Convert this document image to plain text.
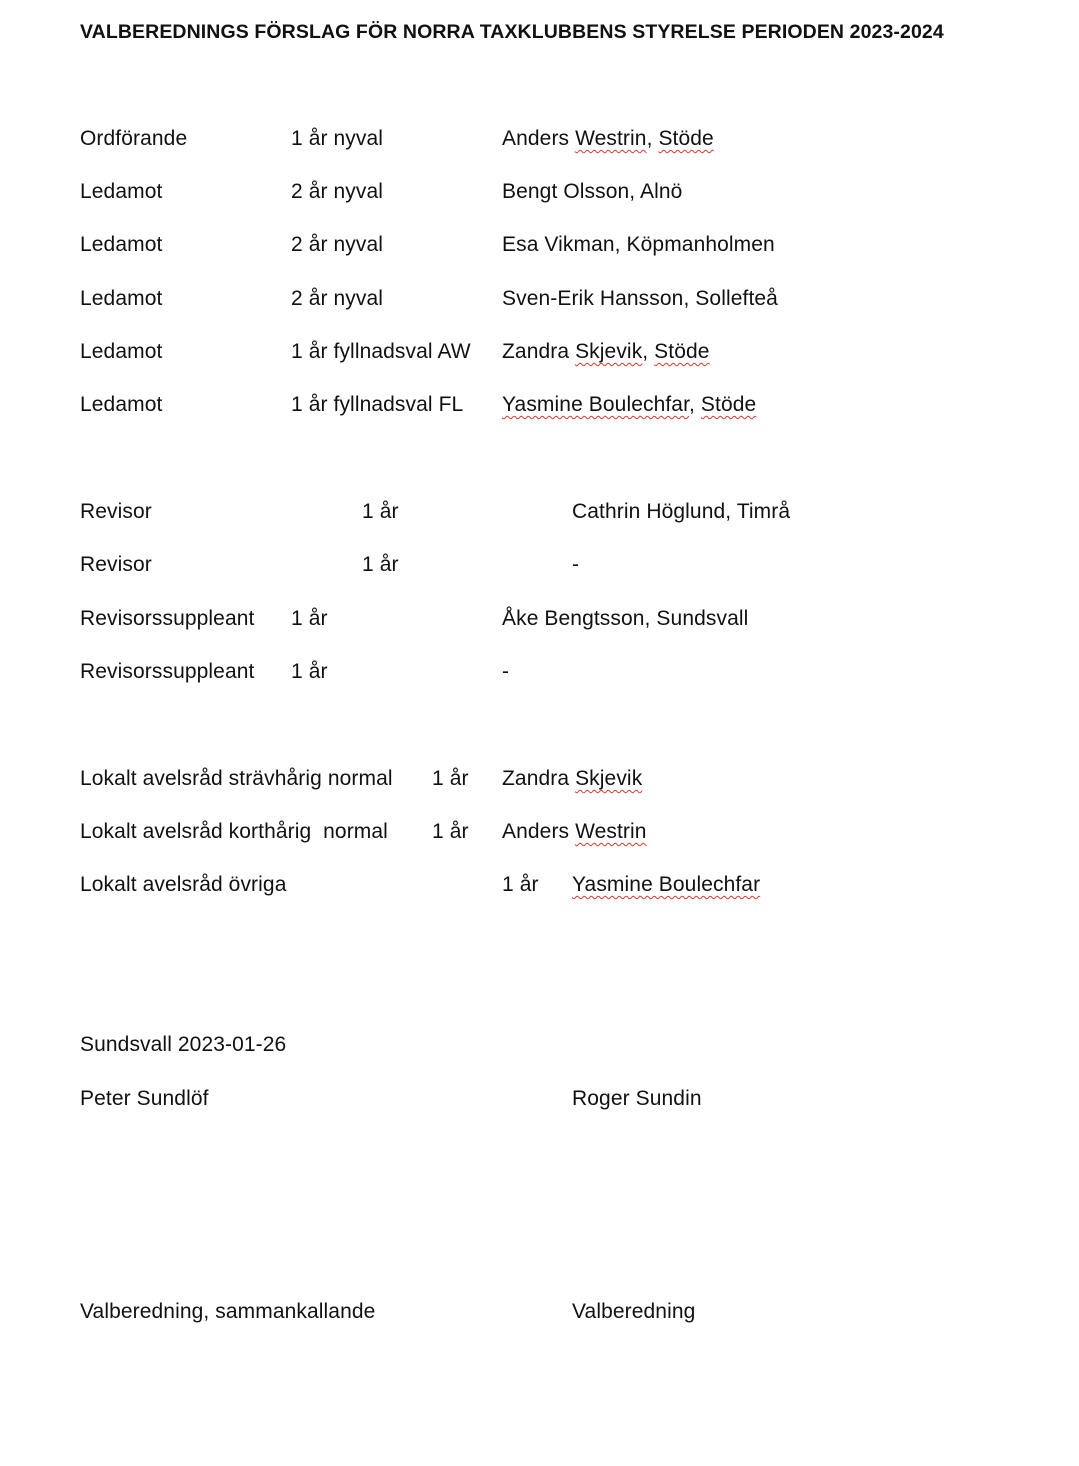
VALBEREDNINGS FÖRSLAG FÖR NORRA TAXKLUBBENS STYRELSE PERIODEN 2023-2024
Ordförande	1 år nyval	Anders Westrin, Stöde
Ledamot	2 år nyval	Bengt Olsson, Alnö
Ledamot	2 år nyval	Esa Vikman, Köpmanholmen
Ledamot	2 år nyval	Sven-Erik Hansson, Sollefteå
Ledamot	1 år fyllnadsval AW Zandra Skjevik, Stöde
Ledamot	1 år fyllnadsval FL Yasmine Boulechfar, Stöde
Revisor	1 år	Cathrin Höglund, Timrå
Revisor	1 år	-
Revisorssuppleant 1 år	Åke Bengtsson, Sundsvall
Revisorssuppleant 1 år	-
Lokalt avelsråd strävhårig normal 1 år Zandra Skjevik
Lokalt avelsråd korthårig  normal 1 år Anders Westrin
Lokalt avelsråd övriga	1 år Yasmine Boulechfar
Sundsvall 2023-01-26
Peter Sundlöf	Roger Sundin
Valberedning, sammankallande	Valberedning
